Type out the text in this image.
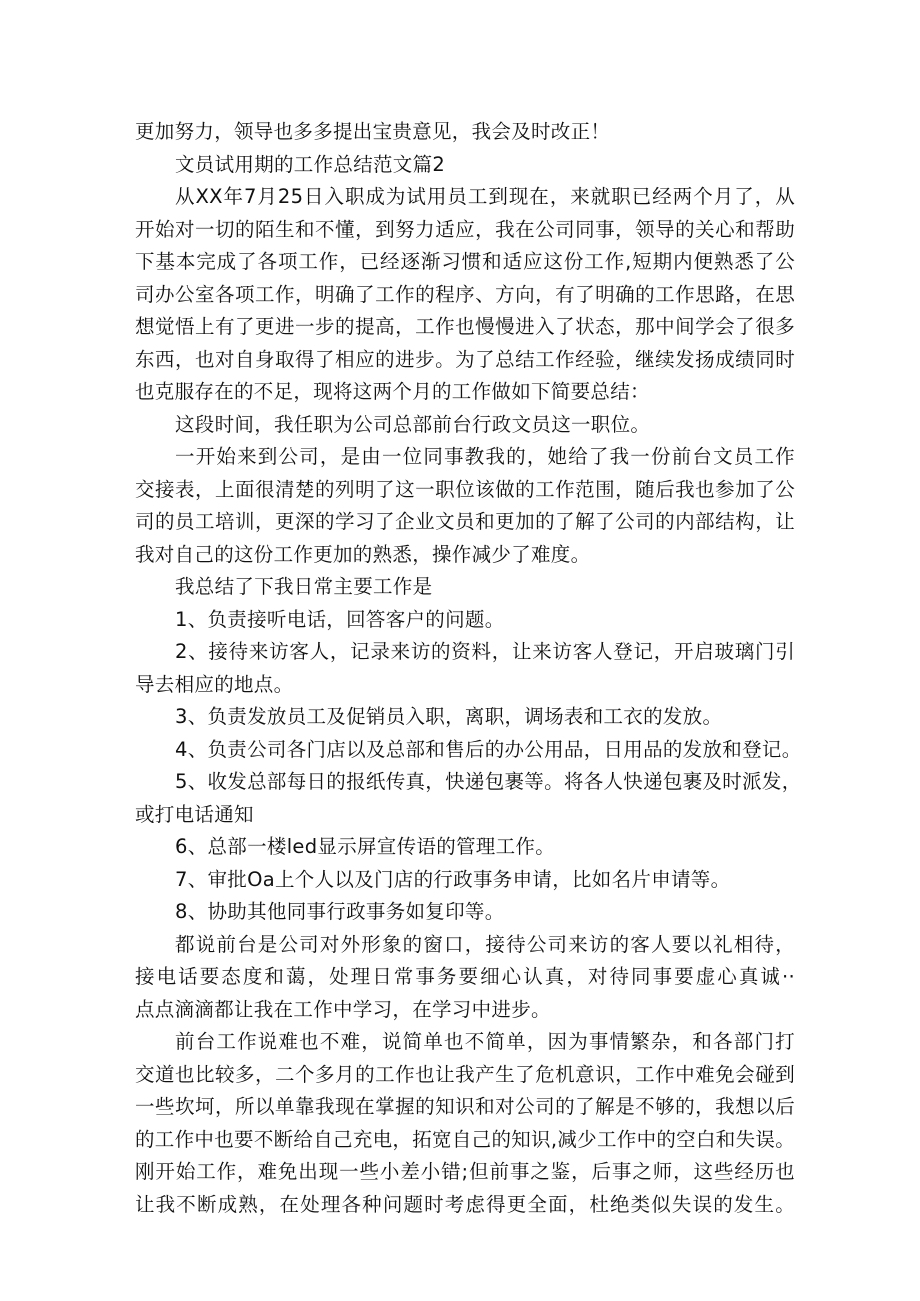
更加努力，领导也多多提出宝贵意见，我会及时改正！
文员试用期的工作总结范文篇2
从XX年7月25日入职成为试用员工到现在，来就职已经两个月了，从
开始对一切的陌生和不懂，到努力适应，我在公司同事，领导的关心和帮助
下基本完成了各项工作，已经逐渐习惯和适应这份工作,短期内便熟悉了公
司办公室各项工作，明确了工作的程序、方向，有了明确的工作思路，在思
想觉悟上有了更进一步的提高，工作也慢慢进入了状态，那中间学会了很多
东西，也对自身取得了相应的进步。为了总结工作经验，继续发扬成绩同时
也克服存在的不足，现将这两个月的工作做如下简要总结：
这段时间，我任职为公司总部前台行政文员这一职位。
一开始来到公司，是由一位同事教我的，她给了我一份前台文员工作
交接表，上面很清楚的列明了这一职位该做的工作范围，随后我也参加了公
司的员工培训，更深的学习了企业文员和更加的了解了公司的内部结构，让
我对自己的这份工作更加的熟悉，操作减少了难度。
我总结了下我日常主要工作是
1、负责接听电话，回答客户的问题。
2、接待来访客人，记录来访的资料，让来访客人登记，开启玻璃门引
导去相应的地点。
3、负责发放员工及促销员入职，离职，调场表和工衣的发放。
4、负责公司各门店以及总部和售后的办公用品，日用品的发放和登记。
5、收发总部每日的报纸传真，快递包裹等。将各人快递包裹及时派发，
或打电话通知
6、总部一楼led显示屏宣传语的管理工作。
7、审批Oa上个人以及门店的行政事务申请，比如名片申请等。
8、协助其他同事行政事务如复印等。
都说前台是公司对外形象的窗口，接待公司来访的客人要以礼相待，
接电话要态度和蔼，处理日常事务要细心认真，对待同事要虚心真诚··
点点滴滴都让我在工作中学习，在学习中进步。
前台工作说难也不难，说简单也不简单，因为事情繁杂，和各部门打
交道也比较多，二个多月的工作也让我产生了危机意识，工作中难免会碰到
一些坎坷，所以单靠我现在掌握的知识和对公司的了解是不够的，我想以后
的工作中也要不断给自己充电，拓宽自己的知识,减少工作中的空白和失误。
刚开始工作，难免出现一些小差小错;但前事之鉴，后事之师，这些经历也
让我不断成熟，在处理各种问题时考虑得更全面，杜绝类似失误的发生。
